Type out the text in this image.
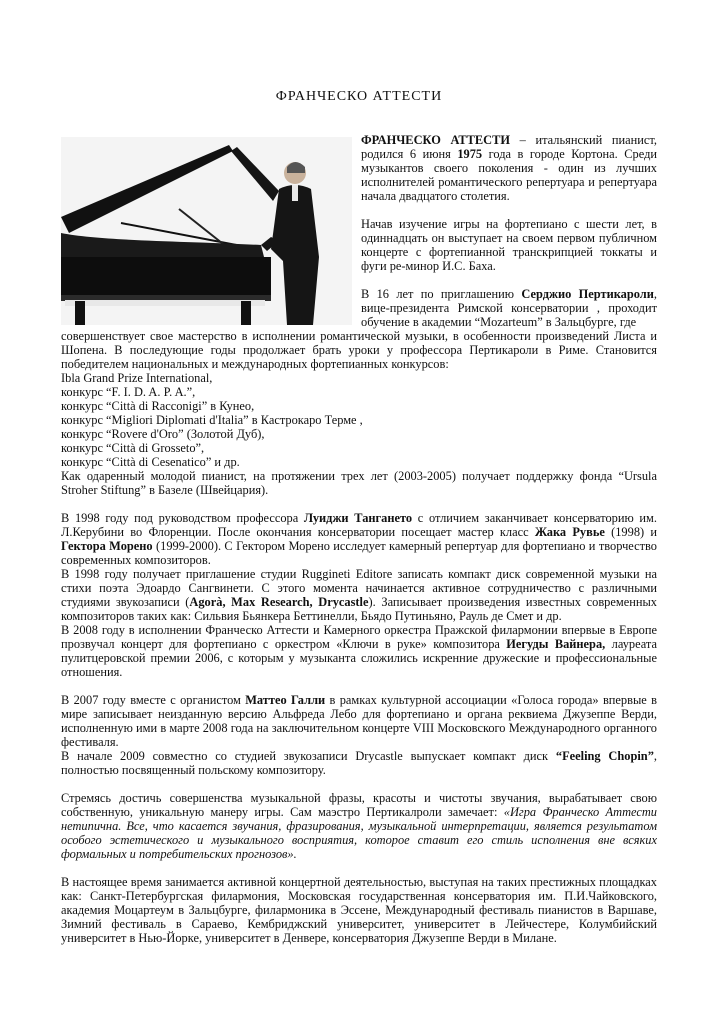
ФРАНЧЕСКО АТТЕСТИ

ФРАНЧЕСКО АТТЕСТИ – итальянский пианист, родился 6 июня 1975 года в городе Кортона. Среди музыкантов своего поколения - один из лучших исполнителей романтического репертуара и репертуара начала двадцатого столетия.

Начав изучение игры на фортепиано с шести лет, в одиннадцать он выступает на своем первом публичном концерте с фортепианной транскрипцией токкаты и фуги ре-минор И.С. Баха.

В 16 лет по приглашению Серджио Пертикароли, вице-президента Римской консерватории , проходит обучение в академии “Mozarteum” в Зальцбурге, где

совершенствует свое мастерство в исполнении романтической музыки, в особенности произведений Листа и Шопена. В последующие годы продолжает брать уроки у профессора Пертикароли в Риме. Становится победителем национальных и международных фортепианных конкурсов:

Ibla Grand Prize International,

конкурс “F. I. D. A. P. A.”,

конкурс “Città di Racconigi” в Кунео,

конкурс “Migliori Diplomati d'Italia” в Кастрокаро Терме ,

конкурс “Rovere d'Oro” (Золотой Дуб),

конкурс “Città di Grosseto”,

конкурс “Città di Cesenatico” и др.

Как одаренный молодой пианист, на протяжении трех лет (2003-2005) получает поддержку фонда “Ursula Stroher Stiftung” в Базеле (Швейцария).

В 1998 году под руководством профессора Луиджи Тангането с отличием заканчивает консерваторию им. Л.Керубини во Флоренции. После окончания консерватории посещает мастер класс Жака Рувье (1998) и Гектора Морено (1999-2000). С Гектором Морено исследует камерный репертуар для фортепиано и творчество современных композиторов.

В 1998 году получает приглашение студии Ruggineti Editore записать компакт диск современной музыки на стихи поэта Эдоардо Сангвинети. С этого момента начинается активное сотрудничество с различными студиями звукозаписи (Agorà, Max Research, Drycastle). Записывает произведения известных современных композиторов таких как: Сильвия Бьянкера Беттинелли, Бьядо Путиньяно, Рауль де Смет и др.

В 2008 году в исполнении Франческо Аттести и Камерного оркестра Пражской филармонии впервые в Европе прозвучал концерт для фортепиано с оркестром «Ключи в руке» композитора Иегуды Вайнера, лауреата пулитцеровской премии 2006, с которым у музыканта сложились искренние дружеские и профессиональные отношения.

В 2007 году вместе с органистом Маттео Галли в рамках культурной ассоциации «Голоса города» впервые в мире записывает неизданную версию Альфреда Лебо для фортепиано и органа реквиема Джузеппе Верди, исполненную ими в марте 2008 года на заключительном концерте VIII Московского Международного органного фестиваля.

В начале 2009 совместно со студией звукозаписи Drycastle выпускает компакт диск “Feeling Chopin”, полностью посвященный польскому композитору.

Стремясь достичь совершенства музыкальной фразы, красоты и чистоты звучания, вырабатывает свою собственную, уникальную манеру игры. Сам маэстро Пертикалроли замечает: «Игра Франческо Аттести нетипична. Все, что касается звучания, фразирования, музыкальной интерпретации, является результатом особого эстетического и музыкального восприятия, которое ставит его стиль исполнения вне всяких формальных и потребительских прогнозов».

В настоящее время занимается активной концертной деятельностью, выступая на таких престижных площадках как: Санкт-Петербургская филармония, Московская государственная консерватория им. П.И.Чайковского, академия Моцартеум в Зальцбурге, филармоника в Эссене, Международный фестиваль пианистов в Варшаве, Зимний фестиваль в Сараево, Кембриджский университет, университет в Лейчестере, Колумбийский университет в Нью-Йорке, университет в Денвере, консерватория Джузеппе Верди в Милане.
